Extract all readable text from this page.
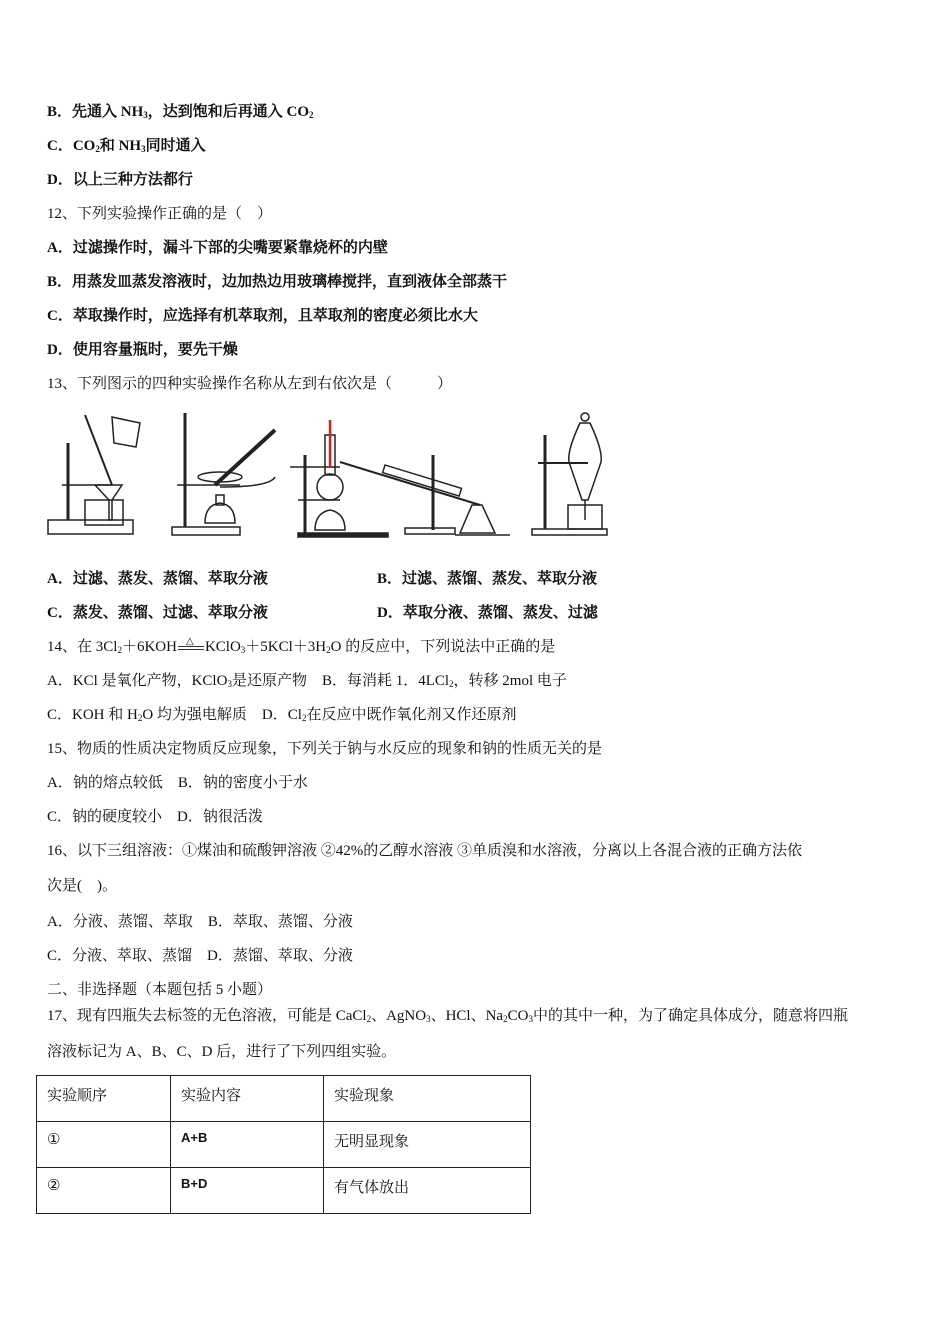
B．先通入 $NH_3$，达到饱和后再通入 $CO_2$
C．$CO_2$和 $NH_3$同时通入
D．以上三种方法都行
12、下列实验操作正确的是（　）
A．过滤操作时，漏斗下部的尖嘴要紧靠烧杯的内壁
B．用蒸发皿蒸发溶液时，边加热边用玻璃棒搅拌，直到液体全部蒸干
C．萃取操作时，应选择有机萃取剂，且萃取剂的密度必须比水大
D．使用容量瓶时，要先干燥
13、下列图示的四种实验操作名称从左到右依次是（　　　）
14、在 $3Cl_2+6KOH$ △ $KClO_3+5KCl+3H_2O$ 的反应中，下列说法中正确的是
A．KCl 是氧化产物，KClO$_3$是还原产物　B．每消耗 1．4LCl$_2$，转移 2mol 电子
C．KOH 和 $H_2O$ 均为强电解质　D．$Cl_2$在反应中既作氧化剂又作还原剂
15、物质的性质决定物质反应现象，下列关于钠与水反应的现象和钠的性质无关的是
A．钠的熔点较低　B．钠的密度小于水
C．钠的硬度较小　D．钠很活泼
16、以下三组溶液：①煤油和硫酸钾溶液 ②42%的乙醇水溶液 ③单质溴和水溶液，分离以上各混合液的正确方法依
次是(　)。
A．分液、蒸馏、萃取　B．萃取、蒸馏、分液
C．分液、萃取、蒸馏　D．蒸馏、萃取、分液
二、非选择题（本题包括 5 小题）
17、现有四瓶失去标签的无色溶液，可能是 CaCl$_2$、AgNO$_3$、HCl、$Na_2CO_3$中的其中一种，为了确定具体成分，随意将四瓶
溶液标记为 A、B、C、D 后，进行了下列四组实验。
A．过滤、蒸发、蒸馏、萃取分液	B．过滤、蒸馏、蒸发、萃取分液
C．蒸发、蒸馏、过滤、萃取分液	D．萃取分液、蒸馏、蒸发、过滤
实验顺序	实验内容	实验现象
①	A+B	无明显现象
②	B+D	有气体放出
